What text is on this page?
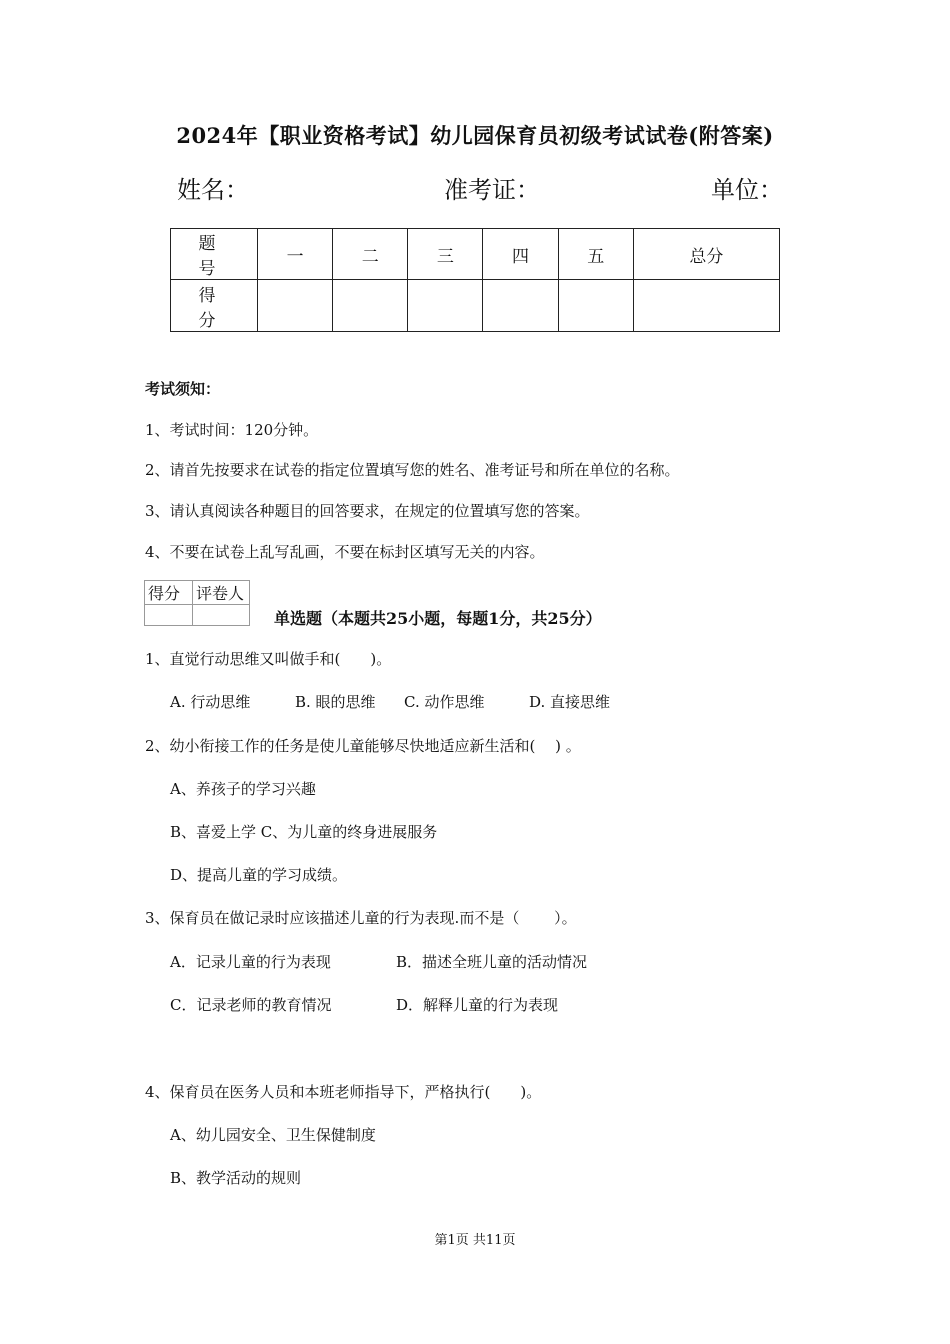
2024年【职业资格考试】幼儿园保育员初级考试试卷(附答案)
姓名：	准考证：	单位：
题　号	一	二	三	四	五	总分
得　分						
考试须知：
1、考试时间：120分钟。
2、请首先按要求在试卷的指定位置填写您的姓名、准考证号和所在单位的名称。
3、请认真阅读各种题目的回答要求，在规定的位置填写您的答案。
4、不要在试卷上乱写乱画，不要在标封区填写无关的内容。
得分	评卷人

单选题（本题共25小题，每题1分，共25分）
1、直觉行动思维又叫做手和(　　)。
A. 行动思维	B. 眼的思维 C. 动作思维	D. 直接思维
2、幼小衔接工作的任务是使儿童能够尽快地适应新生活和(　 ) 。
A、养孩子的学习兴趣
B、喜爱上学 C、为儿童的终身进展服务
D、提高儿童的学习成绩。
3、保育员在做记录时应该描述儿童的行为表现.而不是（　　 ）。
A．记录儿童的行为表现	B．描述全班儿童的活动情况
C．记录老师的教育情况	D．解释儿童的行为表现
4、保育员在医务人员和本班老师指导下，严格执行(　　)。
A、幼儿园安全、卫生保健制度
B、教学活动的规则
第1页 共11页
